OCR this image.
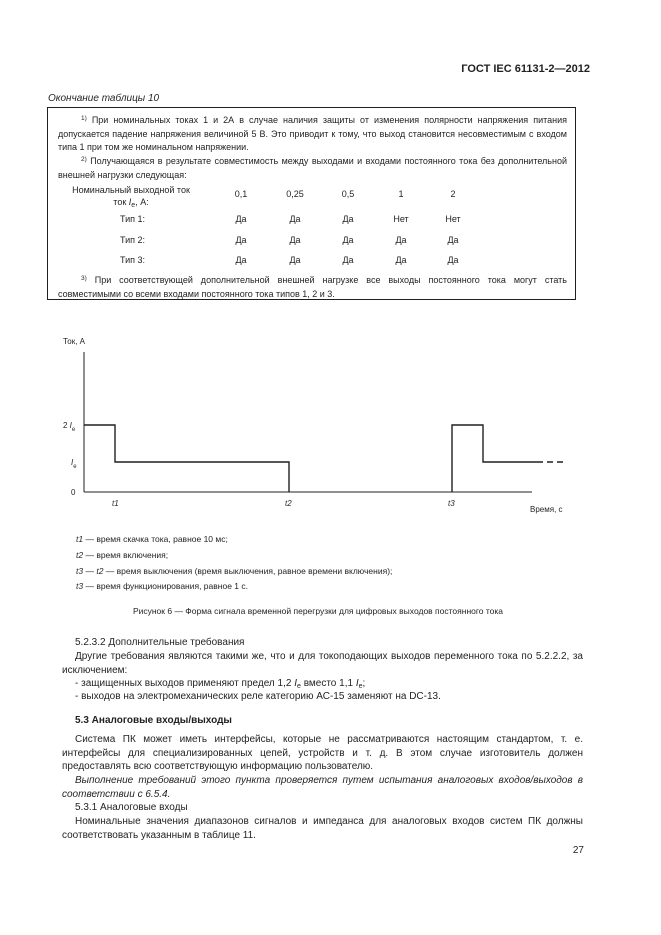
ГОСТ IEC 61131-2—2012
Окончание таблицы 10
$^{1)}$ При номинальных токах 1 и 2А в случае наличия защиты от изменения полярности напряжения питания допускается падение напряжения величиной 5 В. Это приводит к тому, что выход становится несовместимым с входом типа 1 при том же номинальном напряжении.
$^{2)}$ Получающаяся в результате совместимость между выходами и входами постоянного тока без дополнительной внешней нагрузки следующая:
Номинальный выходной ток
ток $I_e$, А:
0,1	0,25	0,5	1	2
Тип 1:	Да	Да	Да	Нет	Нет
Тип 2:	Да	Да	Да	Да	Да
Тип 3:	Да	Да	Да	Да	Да
$^{3)}$ При соответствующей дополнительной внешней нагрузке все выходы постоянного тока могут стать совместимыми со всеми входами постоянного тока типов 1, 2 и 3.
Ток, А
2 $I_e$
$I_e$
0
t1	t2	t3
Время, с
t1 — время скачка тока, равное 10 мс;
t2 — время включения;
t3 — t2 — время выключения (время выключения, равное времени включения);
t3 — время функционирования, равное 1 с.
Рисунок 6 — Форма сигнала временной перегрузки для цифровых выходов постоянного тока
5.2.3.2 Дополнительные требования
Другие требования являются такими же, что и для токоподающих выходов переменного тока по 5.2.2.2, за исключением:
- защищенных выходов применяют предел 1,2 $I_e$ вместо 1,1 $I_e$;
- выходов на электромеханических реле категорию АС-15 заменяют на DC-13.
5.3 Аналоговые входы/выходы
Система ПК может иметь интерфейсы, которые не рассматриваются настоящим стандартом, т. е. интерфейсы для специализированных цепей, устройств и т. д. В этом случае изготовитель должен предоставлять всю соответствующую информацию пользователю.
Выполнение требований этого пункта проверяется путем испытания аналоговых входов/выходов в соответствии с 6.5.4.
5.3.1 Аналоговые входы
Номинальные значения диапазонов сигналов и импеданса для аналоговых входов систем ПК должны соответствовать указанным в таблице 11.
27
